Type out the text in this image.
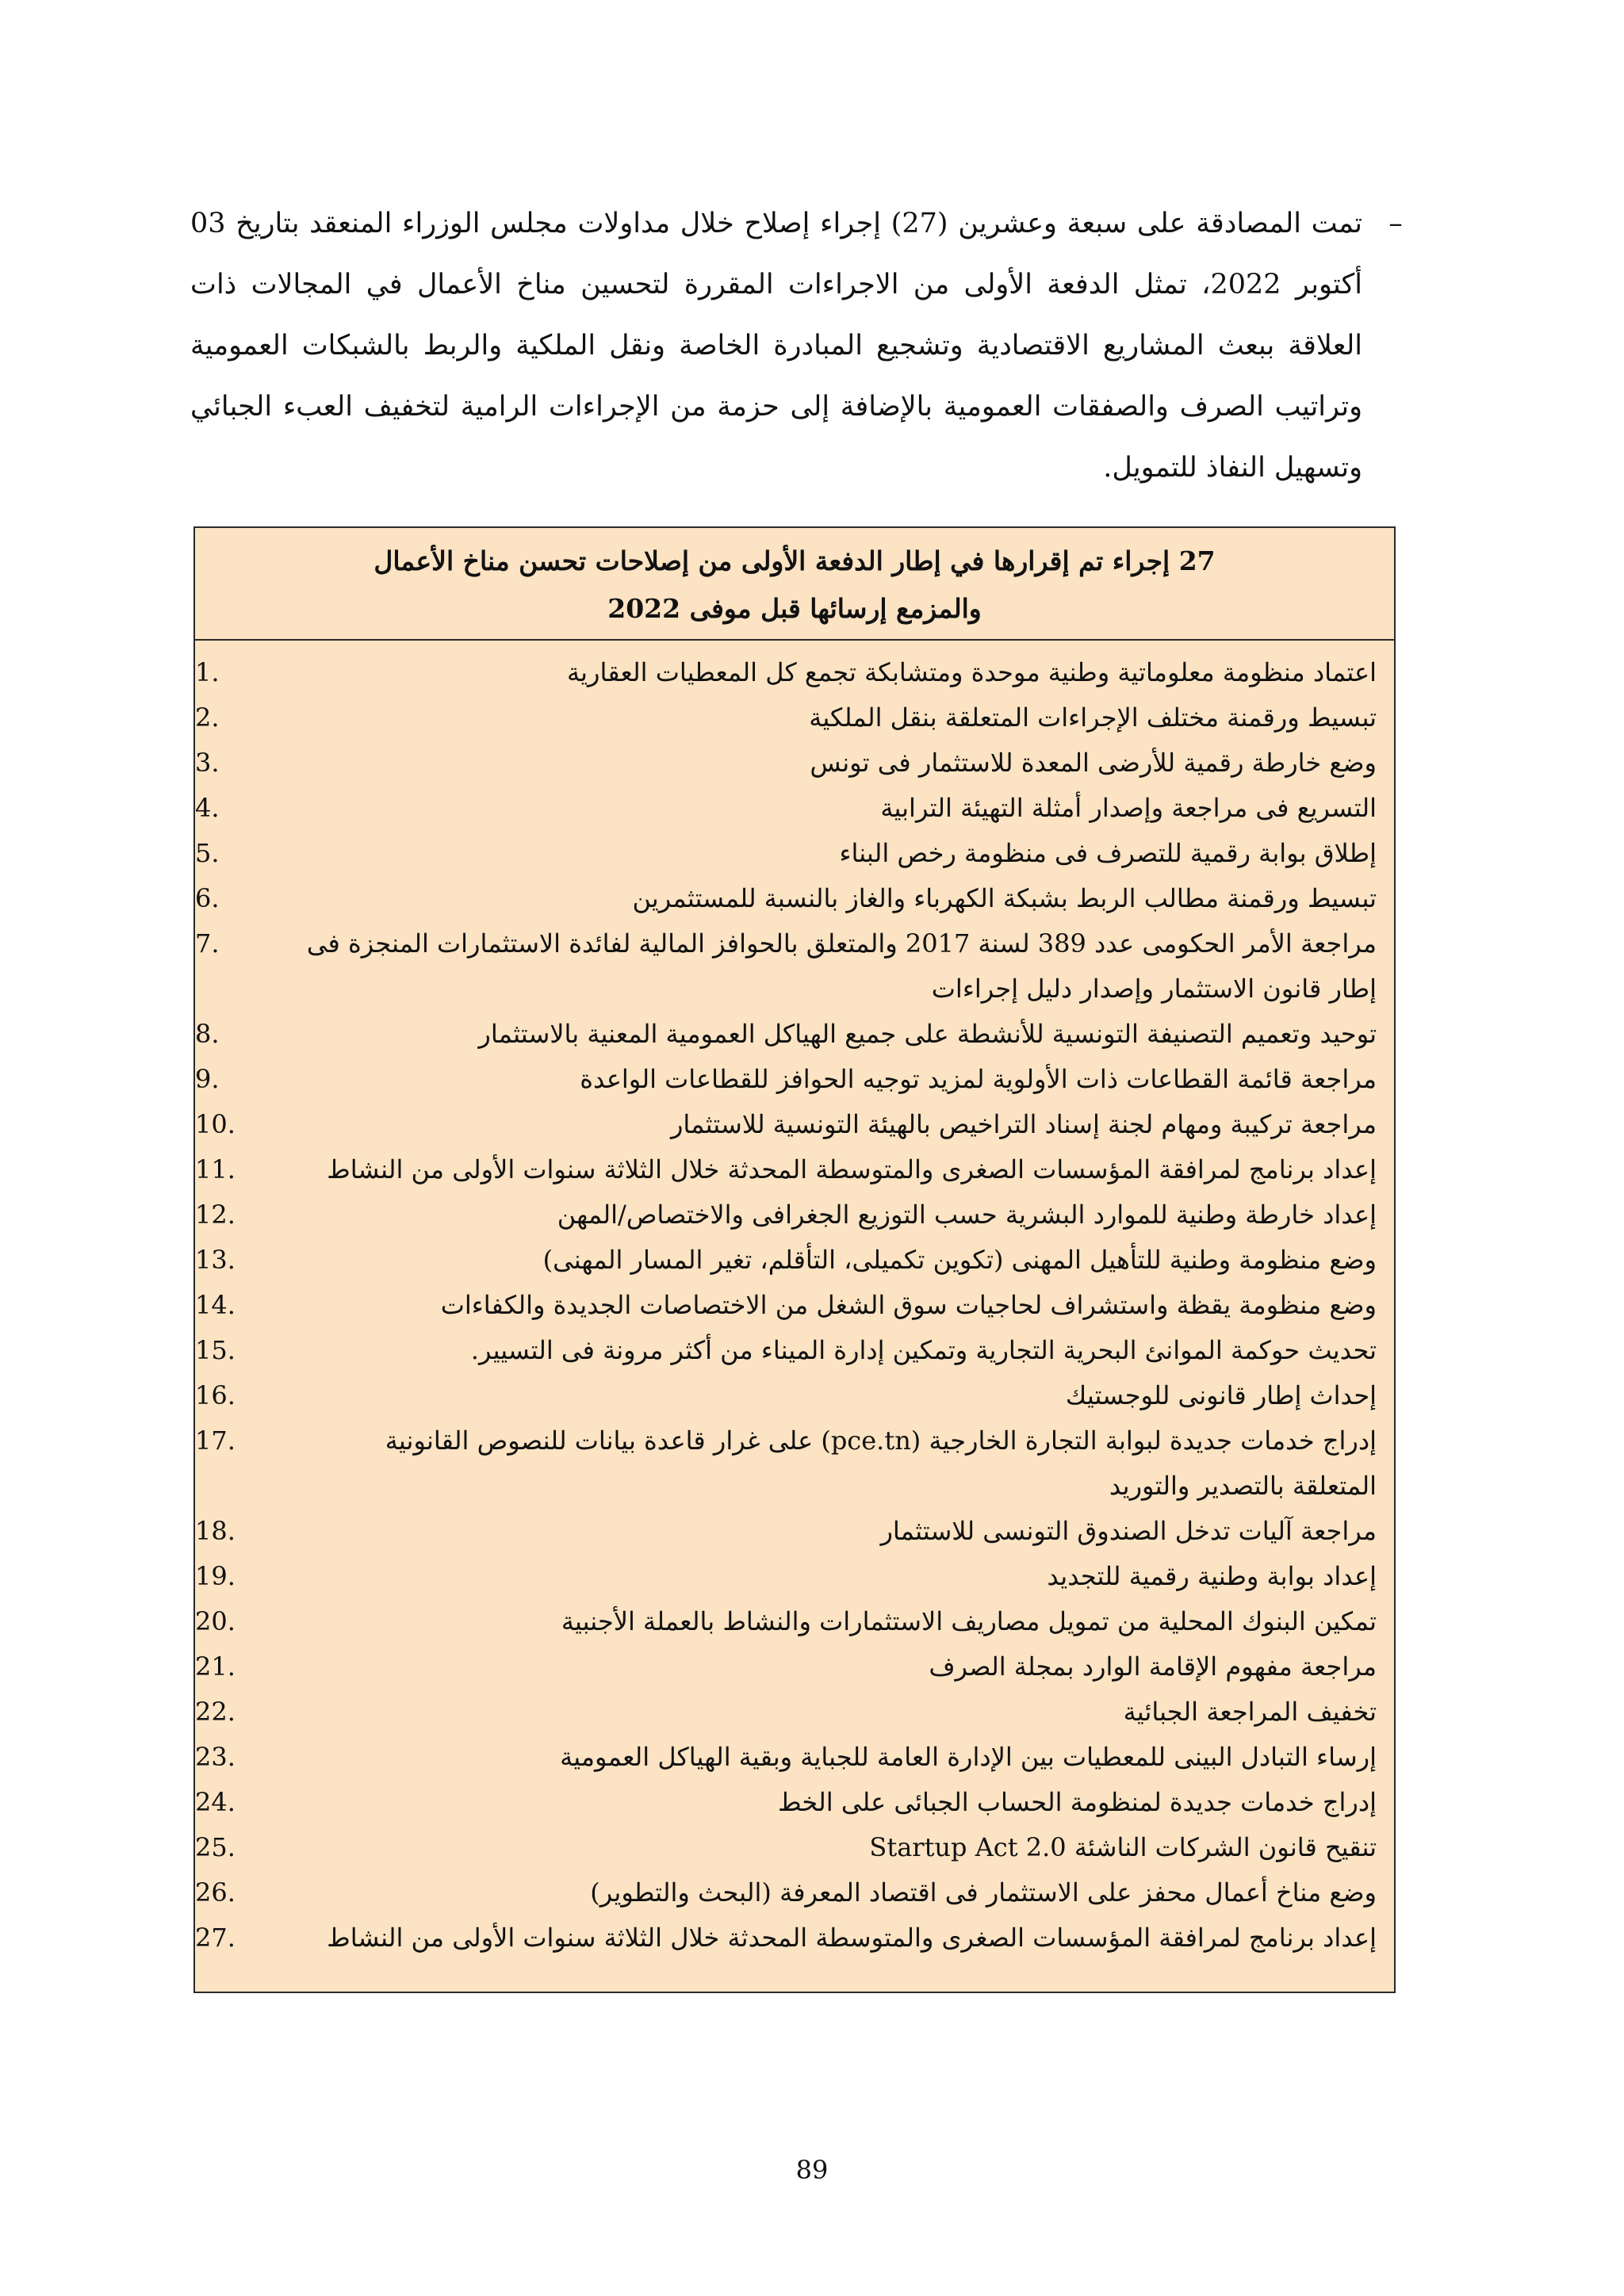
–
تمت المصادقة على سبعة وعشرين (27) إجراء إصلاح خلال مداولات مجلس الوزراء المنعقد بتاريخ 03 أكتوبر 2022، تمثل الدفعة الأولى من الاجراءات المقررة لتحسين مناخ الأعمال في المجالات ذات العلاقة ببعث المشاريع الاقتصادية وتشجيع المبادرة الخاصة ونقل الملكية والربط بالشبكات العمومية وتراتيب الصرف والصفقات العمومية بالإضافة إلى حزمة من الإجراءات الرامية لتخفيف العبء الجبائي وتسهيل النفاذ للتمويل.
27 إجراء تم إقرارها في إطار الدفعة الأولى من إصلاحات تحسن مناخ الأعمال
والمزمع إرسائها قبل موفى 2022
اعتماد منظومة معلوماتية وطنية موحدة ومتشابكة تجمع كل المعطيات العقارية
.1
تبسيط ورقمنة مختلف الإجراءات المتعلقة بنقل الملكية
.2
وضع خارطة رقمية للأرضى المعدة للاستثمار فى تونس
.3
التسريع فى مراجعة وإصدار أمثلة التهيئة الترابية
.4
إطلاق بوابة رقمية للتصرف فى منظومة رخص البناء
.5
تبسيط ورقمنة مطالب الربط بشبكة الكهرباء والغاز بالنسبة للمستثمرين
.6
مراجعة الأمر الحكومى عدد 389 لسنة 2017 والمتعلق بالحوافز المالية لفائدة الاستثمارات المنجزة فى إطار قانون الاستثمار وإصدار دليل إجراءات
.7
توحيد وتعميم التصنيفة التونسية للأنشطة على جميع الهياكل العمومية المعنية بالاستثمار
.8
مراجعة قائمة القطاعات ذات الأولوية لمزيد توجيه الحوافز للقطاعات الواعدة
.9
مراجعة تركيبة ومهام لجنة إسناد التراخيص بالهيئة التونسية للاستثمار
.10
إعداد برنامج لمرافقة المؤسسات الصغرى والمتوسطة المحدثة خلال الثلاثة سنوات الأولى من النشاط
.11
إعداد خارطة وطنية للموارد البشرية حسب التوزيع الجغرافى والاختصاص/المهن
.12
وضع منظومة وطنية للتأهيل المهنى (تكوين تكميلى، التأقلم، تغير المسار المهنى)
.13
وضع منظومة يقظة واستشراف لحاجيات سوق الشغل من الاختصاصات الجديدة والكفاءات
.14
تحديث حوكمة الموانئ البحرية التجارية وتمكين إدارة الميناء من أكثر مرونة فى التسيير.
.15
إحداث إطار قانونى للوجستيك
.16
إدراج خدمات جديدة لبوابة التجارة الخارجية (pce.tn) على غرار قاعدة بيانات للنصوص القانونية المتعلقة بالتصدير والتوريد
.17
مراجعة آليات تدخل الصندوق التونسى للاستثمار
.18
إعداد بوابة وطنية رقمية للتجديد
.19
تمكين البنوك المحلية من تمويل مصاريف الاستثمارات والنشاط بالعملة الأجنبية
.20
مراجعة مفهوم الإقامة الوارد بمجلة الصرف
.21
تخفيف المراجعة الجبائية
.22
إرساء التبادل البينى للمعطيات بين الإدارة العامة للجباية وبقية الهياكل العمومية
.23
إدراج خدمات جديدة لمنظومة الحساب الجبائى على الخط
.24
تنقيح قانون الشركات الناشئة Startup Act 2.0
.25
وضع مناخ أعمال محفز على الاستثمار فى اقتصاد المعرفة (البحث والتطوير)
.26
إعداد برنامج لمرافقة المؤسسات الصغرى والمتوسطة المحدثة خلال الثلاثة سنوات الأولى من النشاط
.27
89
